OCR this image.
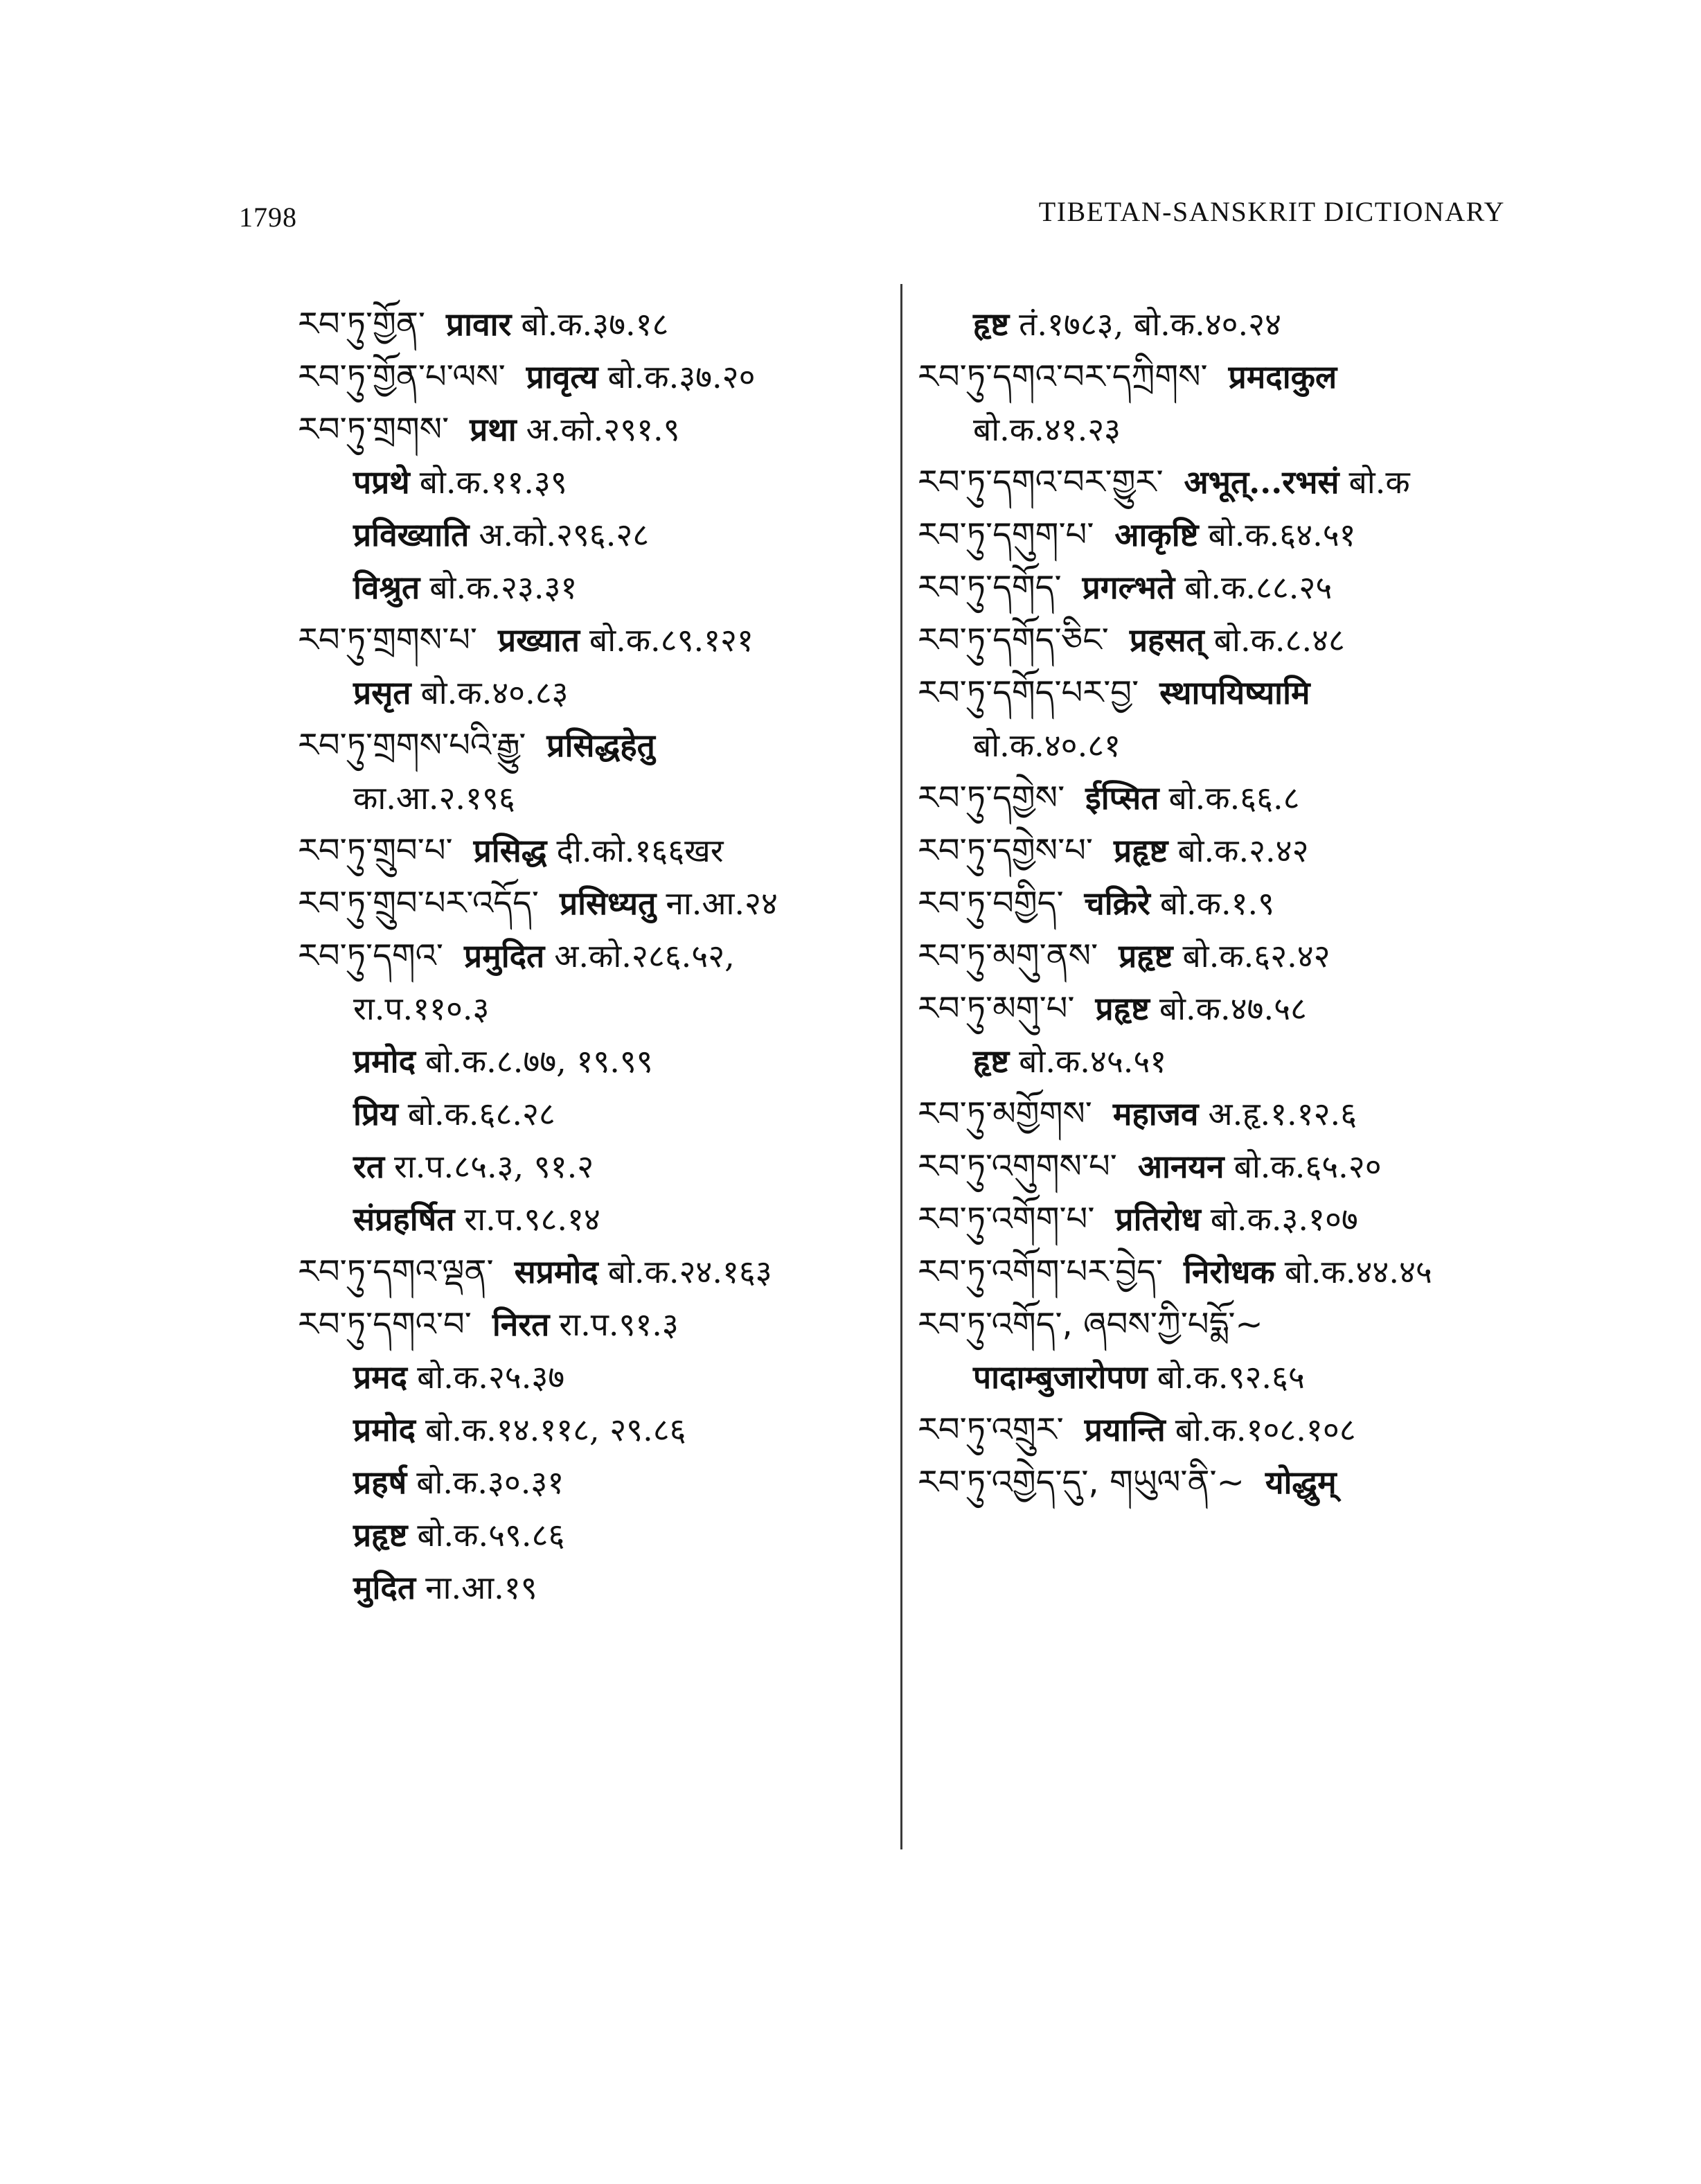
1798	TIBETAN-SANSKRIT DICTIONARY
རབ་ཏུ་གྱོན་ प्रावार बो.क.३७.१८
རབ་ཏུ་གྱོན་པ་ལས་ प्रावृत्य बो.क.३७.२०
རབ་ཏུ་གྲགས་ प्रथा अ.को.२९१.९
पप्रथे बो.क.११.३९
प्रविख्याति अ.को.२९६.२८
विश्रुत बो.क.२३.३१
རབ་ཏུ་གྲགས་པ་ प्रख्यात बो.क.८९.१२१
प्रसृत बो.क.४०.८३
རབ་ཏུ་གྲགས་པའི་རྒྱུ་ प्रसिद्धहेतु
का.आ.२.१९६
རབ་ཏུ་གྲུབ་པ་ प्रसिद्ध दी.को.१६६खर
རབ་ཏུ་གྲུབ་པར་འདོད་ प्रसिध्यतु ना.आ.२४
རབ་ཏུ་དགའ་ प्रमुदित अ.को.२८६.५२,
रा.प.११०.३
प्रमोद बो.क.८.७७, १९.९९
प्रिय बो.क.६८.२८
रत रा.प.८५.३, ९१.२
संप्रहर्षित रा.प.९८.१४
རབ་ཏུ་དགའ་ལྡན་ सप्रमोद बो.क.२४.१६३
རབ་ཏུ་དགའ་བ་ निरत रा.प.९१.३
प्रमद बो.क.२५.३७
प्रमोद बो.क.१४.११८, २९.८६
प्रहर्ष बो.क.३०.३१
प्रहृष्ट बो.क.५९.८६
मुदित ना.आ.१९
हृष्ट तं.१७८३, बो.क.४०.२४
རབ་ཏུ་དགའ་བར་དཀྲིགས་ प्रमदाकुल
बो.क.४१.२३
རབ་ཏུ་དགའ་བར་གྱུར་ अभूत्...रभसं बो.क
རབ་ཏུ་དགུག་པ་ आकृष्टि बो.क.६४.५१
རབ་ཏུ་དགོད་ प्रगल्भते बो.क.८८.२५
རབ་ཏུ་དགོད་ཅིང་ प्रहसत् बो.क.८.४८
རབ་ཏུ་དགོད་པར་བྱ་ स्थापयिष्यामि
बो.क.४०.८१
རབ་ཏུ་དགྱེས་ ईप्सित बो.क.६६.८
རབ་ཏུ་དགྱེས་པ་ प्रहृष्ट बो.क.२.४२
རབ་ཏུ་བགྱིད་ चक्रिरे बो.क.१.९
རབ་ཏུ་མགུ་ནས་ प्रहृष्ट बो.क.६२.४२
རབ་ཏུ་མགུ་པ་ प्रहृष्ट बो.क.४७.५८
हृष्ट बो.क.४५.५१
རབ་ཏུ་མགྱོགས་ महाजव अ.हृ.१.१२.६
རབ་ཏུ་འགུགས་པ་ आनयन बो.क.६५.२०
རབ་ཏུ་འགོག་པ་ प्रतिरोध बो.क.३.१०७
རབ་ཏུ་འགོག་པར་བྱེད་ निरोधक बो.क.४४.४५
རབ་ཏུ་འགོད་, ཞབས་ཀྱི་པདྨོ་~
पादाम्बुजारोपण बो.क.९२.६५
རབ་ཏུ་འགྲུར་ प्रयान्ति बो.क.१०८.१०८
རབ་ཏུ་འགྱེད་དུ་, གཡུལ་ནི་~ योद्धुम्
